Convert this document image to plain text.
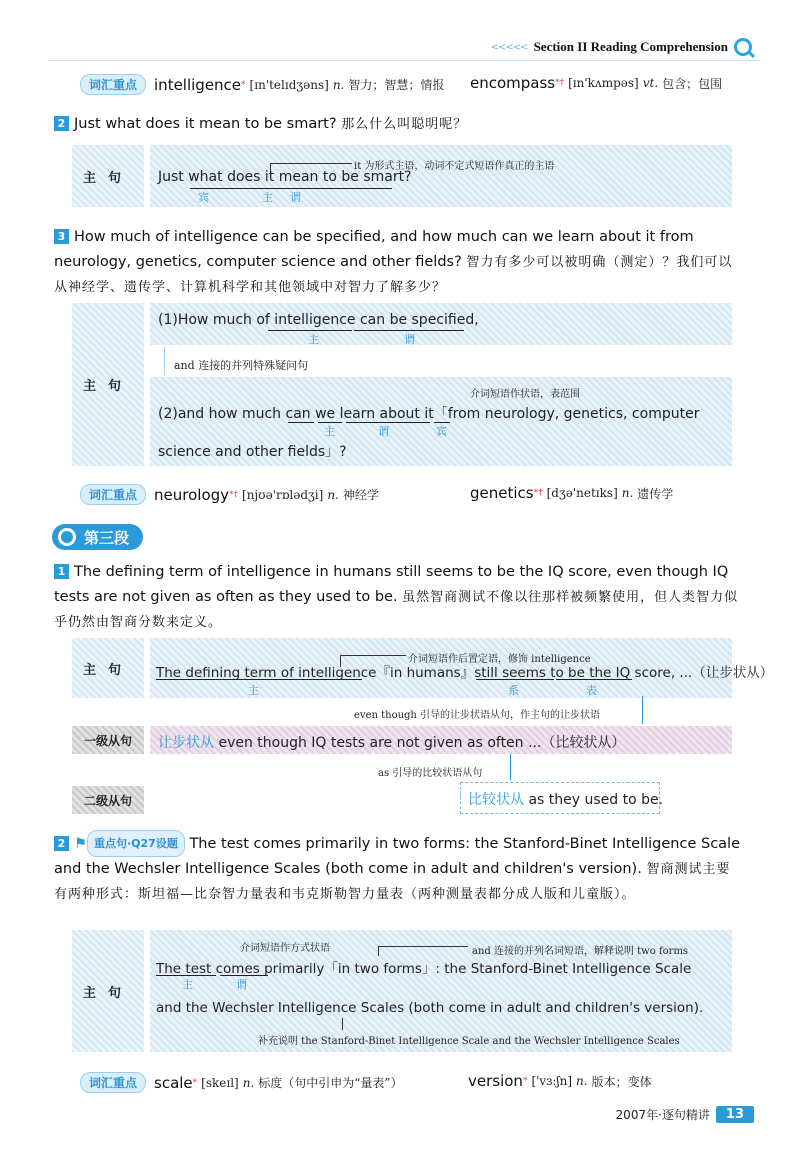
<<<<< Section II Reading Comprehension
词汇重点	intelligence * [ɪn'telɪdʒəns] n. 智力；智慧；情报 encompass *† [ɪn'kʌmpəs] vt. 包含；包围
2 Just what does it mean to be smart? 那么什么叫聪明呢？
主句
it 为形式主语，动词不定式短语作真正的主语
Just what does it mean to be smart?
宾	主 谓
3 How much of intelligence can be specified, and how much can we learn about it from neurology, genetics, computer science and other fields? 智力有多少可以被明确（测定）？我们可以从神经学、遗传学、计算机科学和其他领域中对智力了解多少？
主句
(1)How much of intelligence can be specified,
主	谓
and 连接的并列特殊疑问句
介词短语作状语，表范围
(2)and how much can we learn about it「from neurology, genetics, computer
主	谓	宾
science and other fields」?
词汇重点	neurology *† [njʊə'rɒlədʒi] n. 神经学	genetics *† [dʒə'netɪks] n. 遗传学
第三段
1 The defining term of intelligence in humans still seems to be the IQ score, even though IQ tests are not given as often as they used to be. 虽然智商测试不像以往那样被频繁使用，但人类智力似乎仍然由智商分数来定义。
主句
介词短语作后置定语，修饰 intelligence
The defining term of intelligence『in humans』still seems to be the IQ score, ...（让步状从）
主	系	表
even though 引导的让步状语从句，作主句的让步状语
一级从句	让步状从 even though IQ tests are not given as often ...（比较状从）
as 引导的比较状语从句
二级从句	比较状从 as they used to be.
2 ⚑ 重点句·Q27设题 The test comes primarily in two forms: the Stanford-Binet Intelligence Scale and the Wechsler Intelligence Scales (both come in adult and children's version). 智商测试主要有两种形式：斯坦福—比奈智力量表和韦克斯勒智力量表（两种测量表都分成人版和儿童版）。
主句
介词短语作方式状语	and 连接的并列名词短语，解释说明 two forms
The test comes primarily「in two forms」: the Stanford-Binet Intelligence Scale
主	谓
and the Wechsler Intelligence Scales (both come in adult and children's version).
补充说明 the Stanford-Binet Intelligence Scale and the Wechsler Intelligence Scales
词汇重点	scale * [skeɪl] n. 标度（句中引申为“量表”）	version * ['vɜːʃn] n. 版本；变体
2007年·逐句精讲	13
